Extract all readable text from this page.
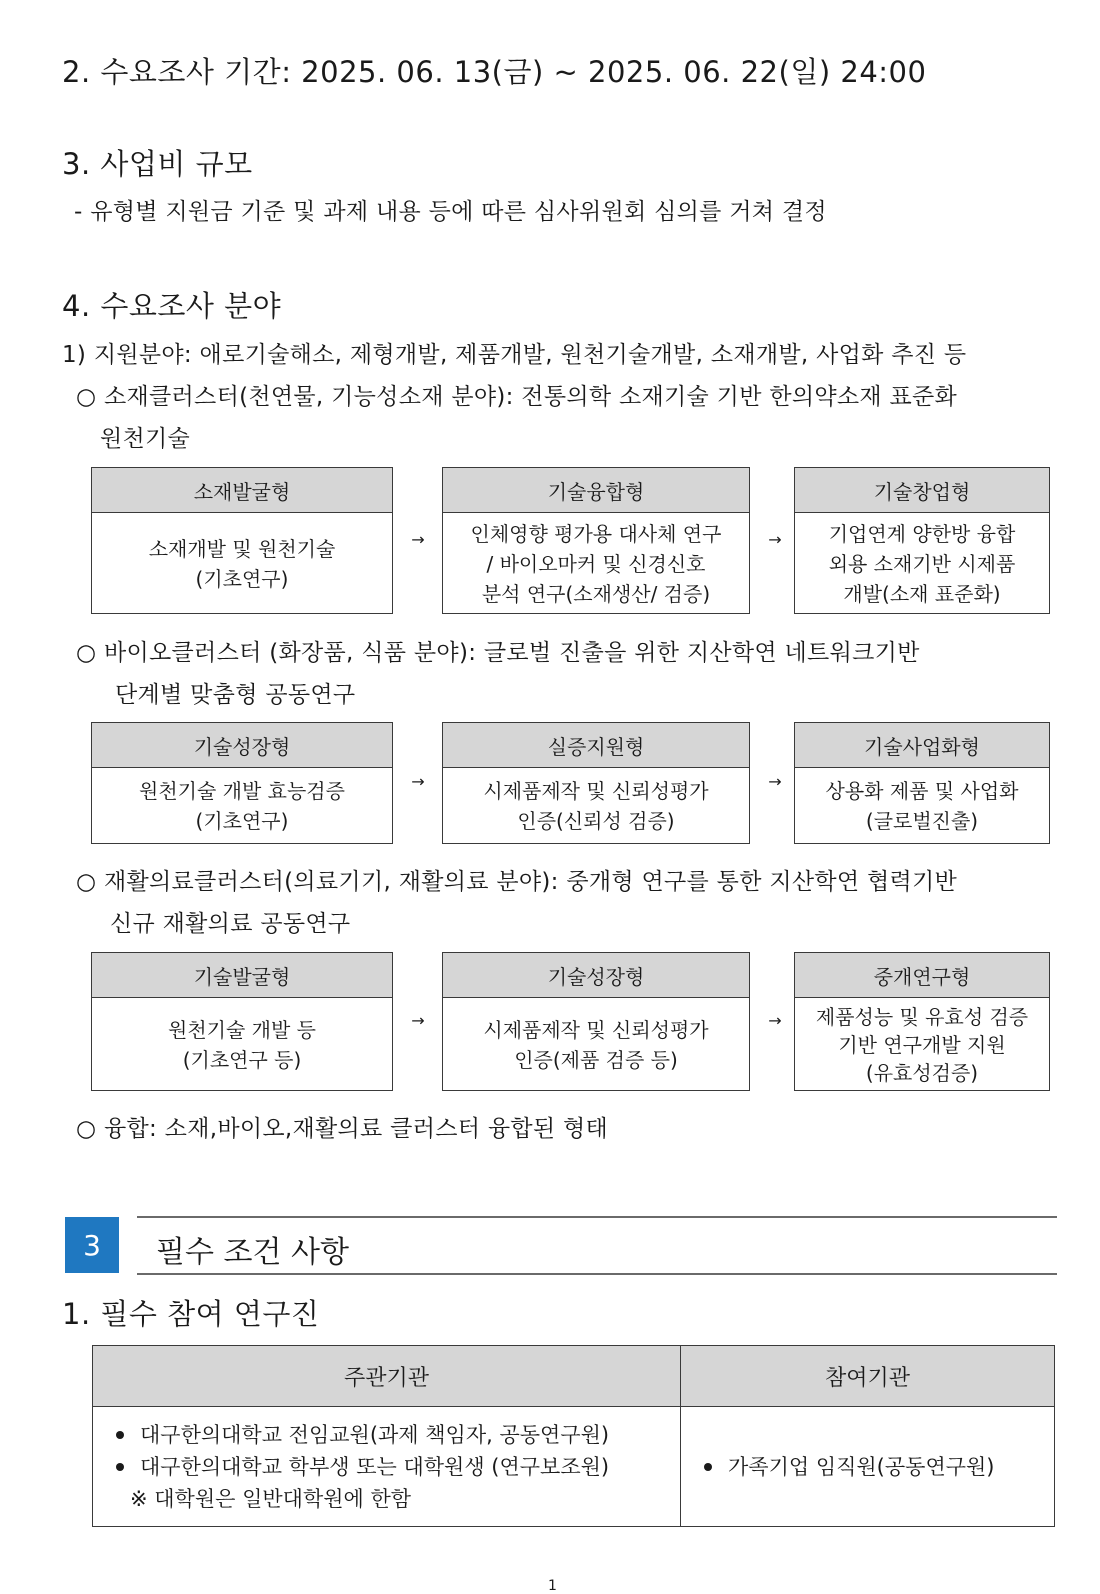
2. 수요조사 기간: 2025. 06. 13(금) ~ 2025. 06. 22(일) 24:00
3. 사업비 규모
- 유형별 지원금 기준 및 과제 내용 등에 따른 심사위원회 심의를 거쳐 결정
4. 수요조사 분야
1) 지원분야: 애로기술해소, 제형개발, 제품개발, 원천기술개발, 소재개발, 사업화 추진 등
○ 소재클러스터(천연물, 기능성소재 분야): 전통의학 소재기술 기반 한의약소재 표준화
원천기술
소재발굴형
소재개발 및 원천기술
(기초연구)
→
기술융합형
인체영향 평가용 대사체 연구
/ 바이오마커 및 신경신호
분석 연구(소재생산/ 검증)
→
기술창업형
기업연계 양한방 융합
외용 소재기반 시제품
개발(소재 표준화)
○ 바이오클러스터 (화장품, 식품 분야): 글로벌 진출을 위한 지산학연 네트워크기반
단계별 맞춤형 공동연구
기술성장형
원천기술 개발 효능검증
(기초연구)
→
실증지원형
시제품제작 및 신뢰성평가
인증(신뢰성 검증)
→
기술사업화형
상용화 제품 및 사업화
(글로벌진출)
○ 재활의료클러스터(의료기기, 재활의료 분야): 중개형 연구를 통한 지산학연 협력기반
신규 재활의료 공동연구
기술발굴형
원천기술 개발 등
(기초연구 등)
→
기술성장형
시제품제작 및 신뢰성평가
인증(제품 검증 등)
→
중개연구형
제품성능 및 유효성 검증
기반 연구개발 지원
(유효성검증)
○ 융합: 소재,바이오,재활의료 클러스터 융합된 형태
3	필수 조건 사항
1. 필수 참여 연구진
주관기관	참여기관

대구한의대학교 전임교원(과제 책임자, 공동연구원)
대구한의대학교 학부생 또는 대학원생 (연구보조원)
※ 대학원은 일반대학원에 한함	가족기업 임직원(공동연구원)
1
